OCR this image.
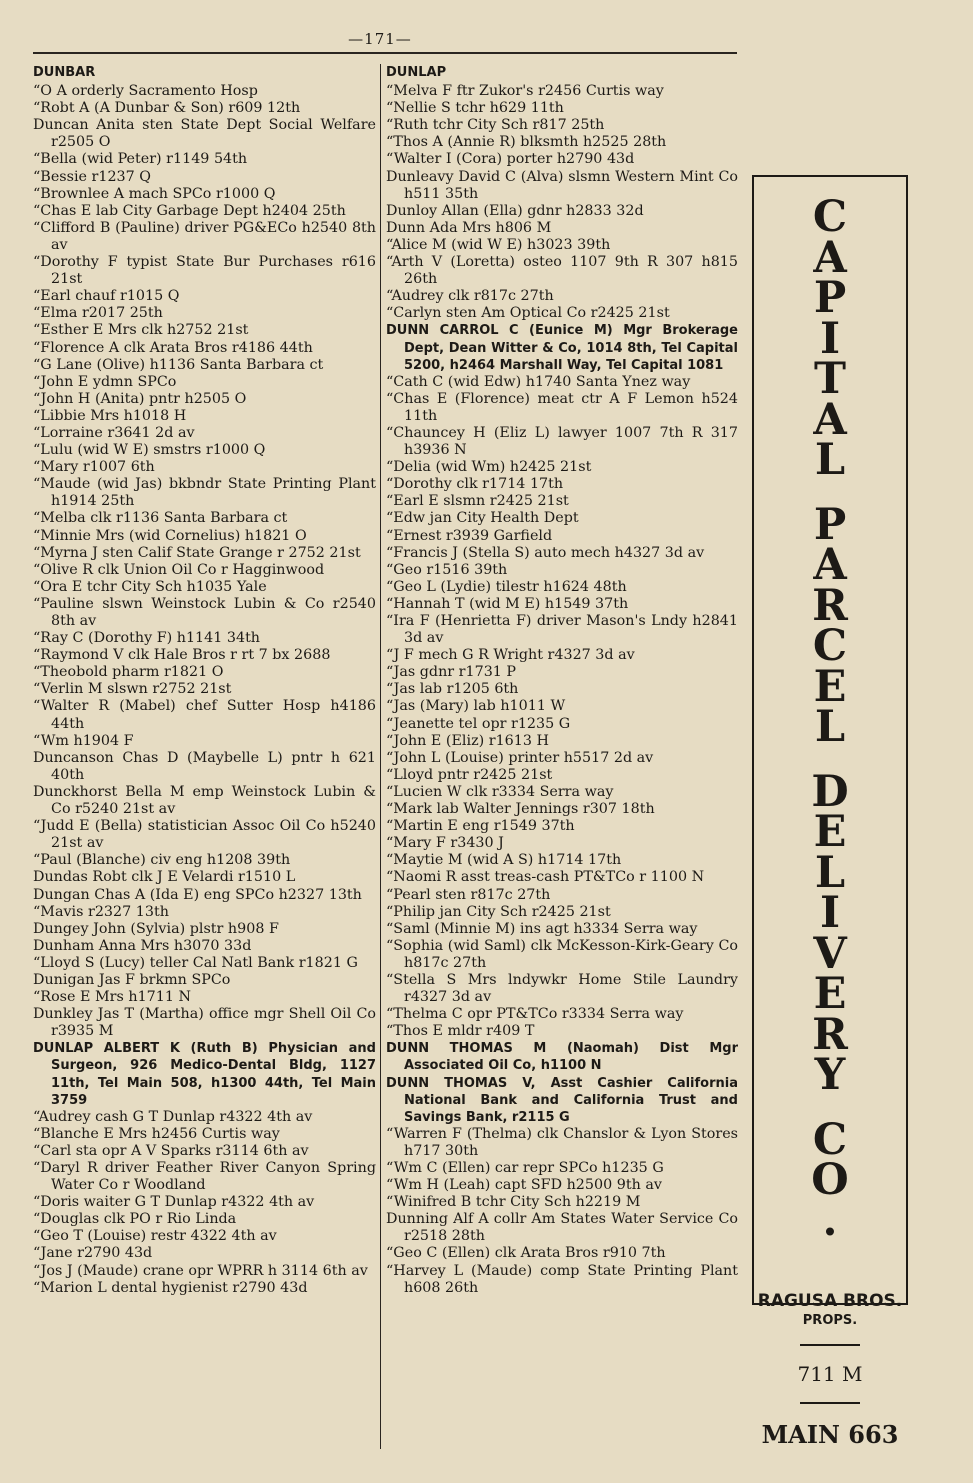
—171—
DUNBAR
“O A orderly Sacramento Hosp
“Robt A (A Dunbar & Son) r609 12th
Duncan Anita sten State Dept Social Welfare r2505 O
“Bella (wid Peter) r1149 54th
“Bessie r1237 Q
“Brownlee A mach SPCo r1000 Q
“Chas E lab City Garbage Dept h2404 25th
“Clifford B (Pauline) driver PG&ECo h2540 8th av
“Dorothy F typist State Bur Purchases r616 21st
“Earl chauf r1015 Q
“Elma r2017 25th
“Esther E Mrs clk h2752 21st
“Florence A clk Arata Bros r4186 44th
“G Lane (Olive) h1136 Santa Barbara ct
“John E ydmn SPCo
“John H (Anita) pntr h2505 O
“Libbie Mrs h1018 H
“Lorraine r3641 2d av
“Lulu (wid W E) smstrs r1000 Q
“Mary r1007 6th
“Maude (wid Jas) bkbndr State Printing Plant h1914 25th
“Melba clk r1136 Santa Barbara ct
“Minnie Mrs (wid Cornelius) h1821 O
“Myrna J sten Calif State Grange r 2752 21st
“Olive R clk Union Oil Co r Hagginwood
“Ora E tchr City Sch h1035 Yale
“Pauline slswn Weinstock Lubin & Co r2540 8th av
“Ray C (Dorothy F) h1141 34th
“Raymond V clk Hale Bros r rt 7 bx 2688
“Theobold pharm r1821 O
“Verlin M slswn r2752 21st
“Walter R (Mabel) chef Sutter Hosp h4186 44th
“Wm h1904 F
Duncanson Chas D (Maybelle L) pntr h 621 40th
Dunckhorst Bella M emp Weinstock Lubin & Co r5240 21st av
“Judd E (Bella) statistician Assoc Oil Co h5240 21st av
“Paul (Blanche) civ eng h1208 39th
Dundas Robt clk J E Velardi r1510 L
Dungan Chas A (Ida E) eng SPCo h2327 13th
“Mavis r2327 13th
Dungey John (Sylvia) plstr h908 F
Dunham Anna Mrs h3070 33d
“Lloyd S (Lucy) teller Cal Natl Bank r1821 G
Dunigan Jas F brkmn SPCo
“Rose E Mrs h1711 N
Dunkley Jas T (Martha) office mgr Shell Oil Co r3935 M
DUNLAP ALBERT K (Ruth B) Physician and Surgeon, 926 Medico-Dental Bldg, 1127 11th, Tel Main 508, h1300 44th, Tel Main 3759
“Audrey cash G T Dunlap r4322 4th av
“Blanche E Mrs h2456 Curtis way
“Carl sta opr A V Sparks r3114 6th av
“Daryl R driver Feather River Canyon Spring Water Co r Woodland
“Doris waiter G T Dunlap r4322 4th av
“Douglas clk PO r Rio Linda
“Geo T (Louise) restr 4322 4th av
“Jane r2790 43d
“Jos J (Maude) crane opr WPRR h 3114 6th av
“Marion L dental hygienist r2790 43d
DUNLAP
“Melva F ftr Zukor's r2456 Curtis way
“Nellie S tchr h629 11th
“Ruth tchr City Sch r817 25th
“Thos A (Annie R) blksmth h2525 28th
“Walter I (Cora) porter h2790 43d
Dunleavy David C (Alva) slsmn Western Mint Co h511 35th
Dunloy Allan (Ella) gdnr h2833 32d
Dunn Ada Mrs h806 M
“Alice M (wid W E) h3023 39th
“Arth V (Loretta) osteo 1107 9th R 307 h815 26th
“Audrey clk r817c 27th
“Carlyn sten Am Optical Co r2425 21st
DUNN CARROL C (Eunice M) Mgr Brokerage Dept, Dean Witter & Co, 1014 8th, Tel Capital 5200, h2464 Marshall Way, Tel Capital 1081
“Cath C (wid Edw) h1740 Santa Ynez way
“Chas E (Florence) meat ctr A F Lemon h524 11th
“Chauncey H (Eliz L) lawyer 1007 7th R 317 h3936 N
“Delia (wid Wm) h2425 21st
“Dorothy clk r1714 17th
“Earl E slsmn r2425 21st
“Edw jan City Health Dept
“Ernest r3939 Garfield
“Francis J (Stella S) auto mech h4327 3d av
“Geo r1516 39th
“Geo L (Lydie) tilestr h1624 48th
“Hannah T (wid M E) h1549 37th
“Ira F (Henrietta F) driver Mason's Lndy h2841 3d av
“J F mech G R Wright r4327 3d av
“Jas gdnr r1731 P
“Jas lab r1205 6th
“Jas (Mary) lab h1011 W
“Jeanette tel opr r1235 G
“John E (Eliz) r1613 H
“John L (Louise) printer h5517 2d av
“Lloyd pntr r2425 21st
“Lucien W clk r3334 Serra way
“Mark lab Walter Jennings r307 18th
“Martin E eng r1549 37th
“Mary F r3430 J
“Maytie M (wid A S) h1714 17th
“Naomi R asst treas-cash PT&TCo r 1100 N
“Pearl sten r817c 27th
“Philip jan City Sch r2425 21st
“Saml (Minnie M) ins agt h3334 Serra way
“Sophia (wid Saml) clk McKesson-Kirk-Geary Co h817c 27th
“Stella S Mrs lndywkr Home Stile Laundry r4327 3d av
“Thelma C opr PT&TCo r3334 Serra way
“Thos E mldr r409 T
DUNN THOMAS M (Naomah) Dist Mgr Associated Oil Co, h1100 N
DUNN THOMAS V, Asst Cashier California National Bank and California Trust and Savings Bank, r2115 G
“Warren F (Thelma) clk Chanslor & Lyon Stores h717 30th
“Wm C (Ellen) car repr SPCo h1235 G
“Wm H (Leah) capt SFD h2500 9th av
“Winifred B tchr City Sch h2219 M
Dunning Alf A collr Am States Water Service Co r2518 28th
“Geo C (Ellen) clk Arata Bros r910 7th
“Harvey L (Maude) comp State Printing Plant h608 26th
C
A
P
I
T
A
L
P
A
R
C
E
L
D
E
L
I
V
E
R
Y
C
O
.
RAGUSA BROS.
PROPS.
711 M
MAIN 663
